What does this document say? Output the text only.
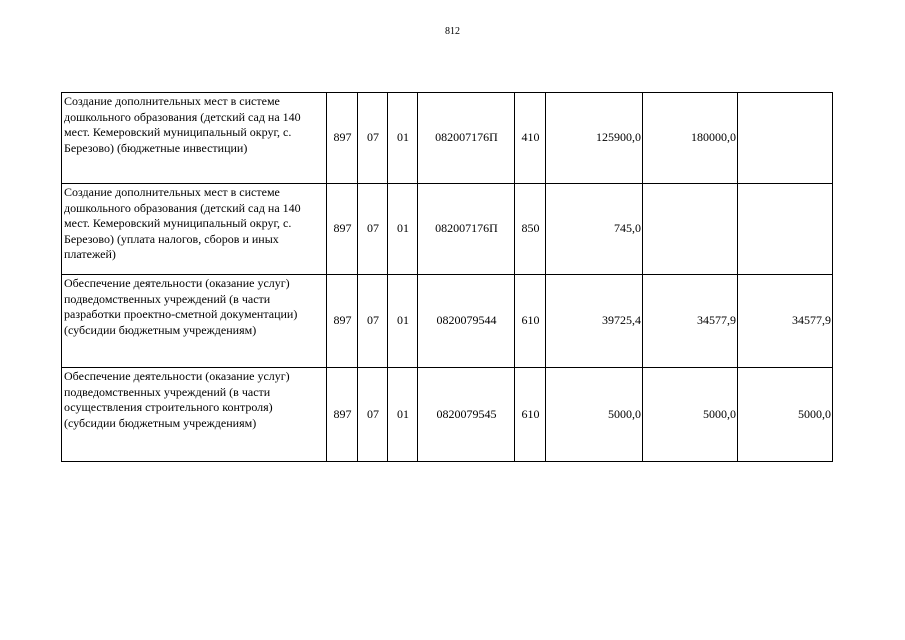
812
Создание дополнительных мест в системе дошкольного образования (детский сад на 140 мест. Кемеровский муниципальный округ, с. Березово) (бюджетные инвестиции)	897	07	01	082007176П	410	125900,0	180000,0	
Создание дополнительных мест в системе дошкольного образования (детский сад на 140 мест. Кемеровский муниципальный округ, с. Березово) (уплата налогов, сборов и иных платежей)	897	07	01	082007176П	850	745,0		
Обеспечение деятельности (оказание услуг) подведомственных учреждений (в части разработки проектно-сметной документации) (субсидии бюджетным учреждениям)	897	07	01	0820079544	610	39725,4	34577,9	34577,9
Обеспечение деятельности (оказание услуг) подведомственных учреждений (в части осуществления строительного контроля) (субсидии бюджетным учреждениям)	897	07	01	0820079545	610	5000,0	5000,0	5000,0
